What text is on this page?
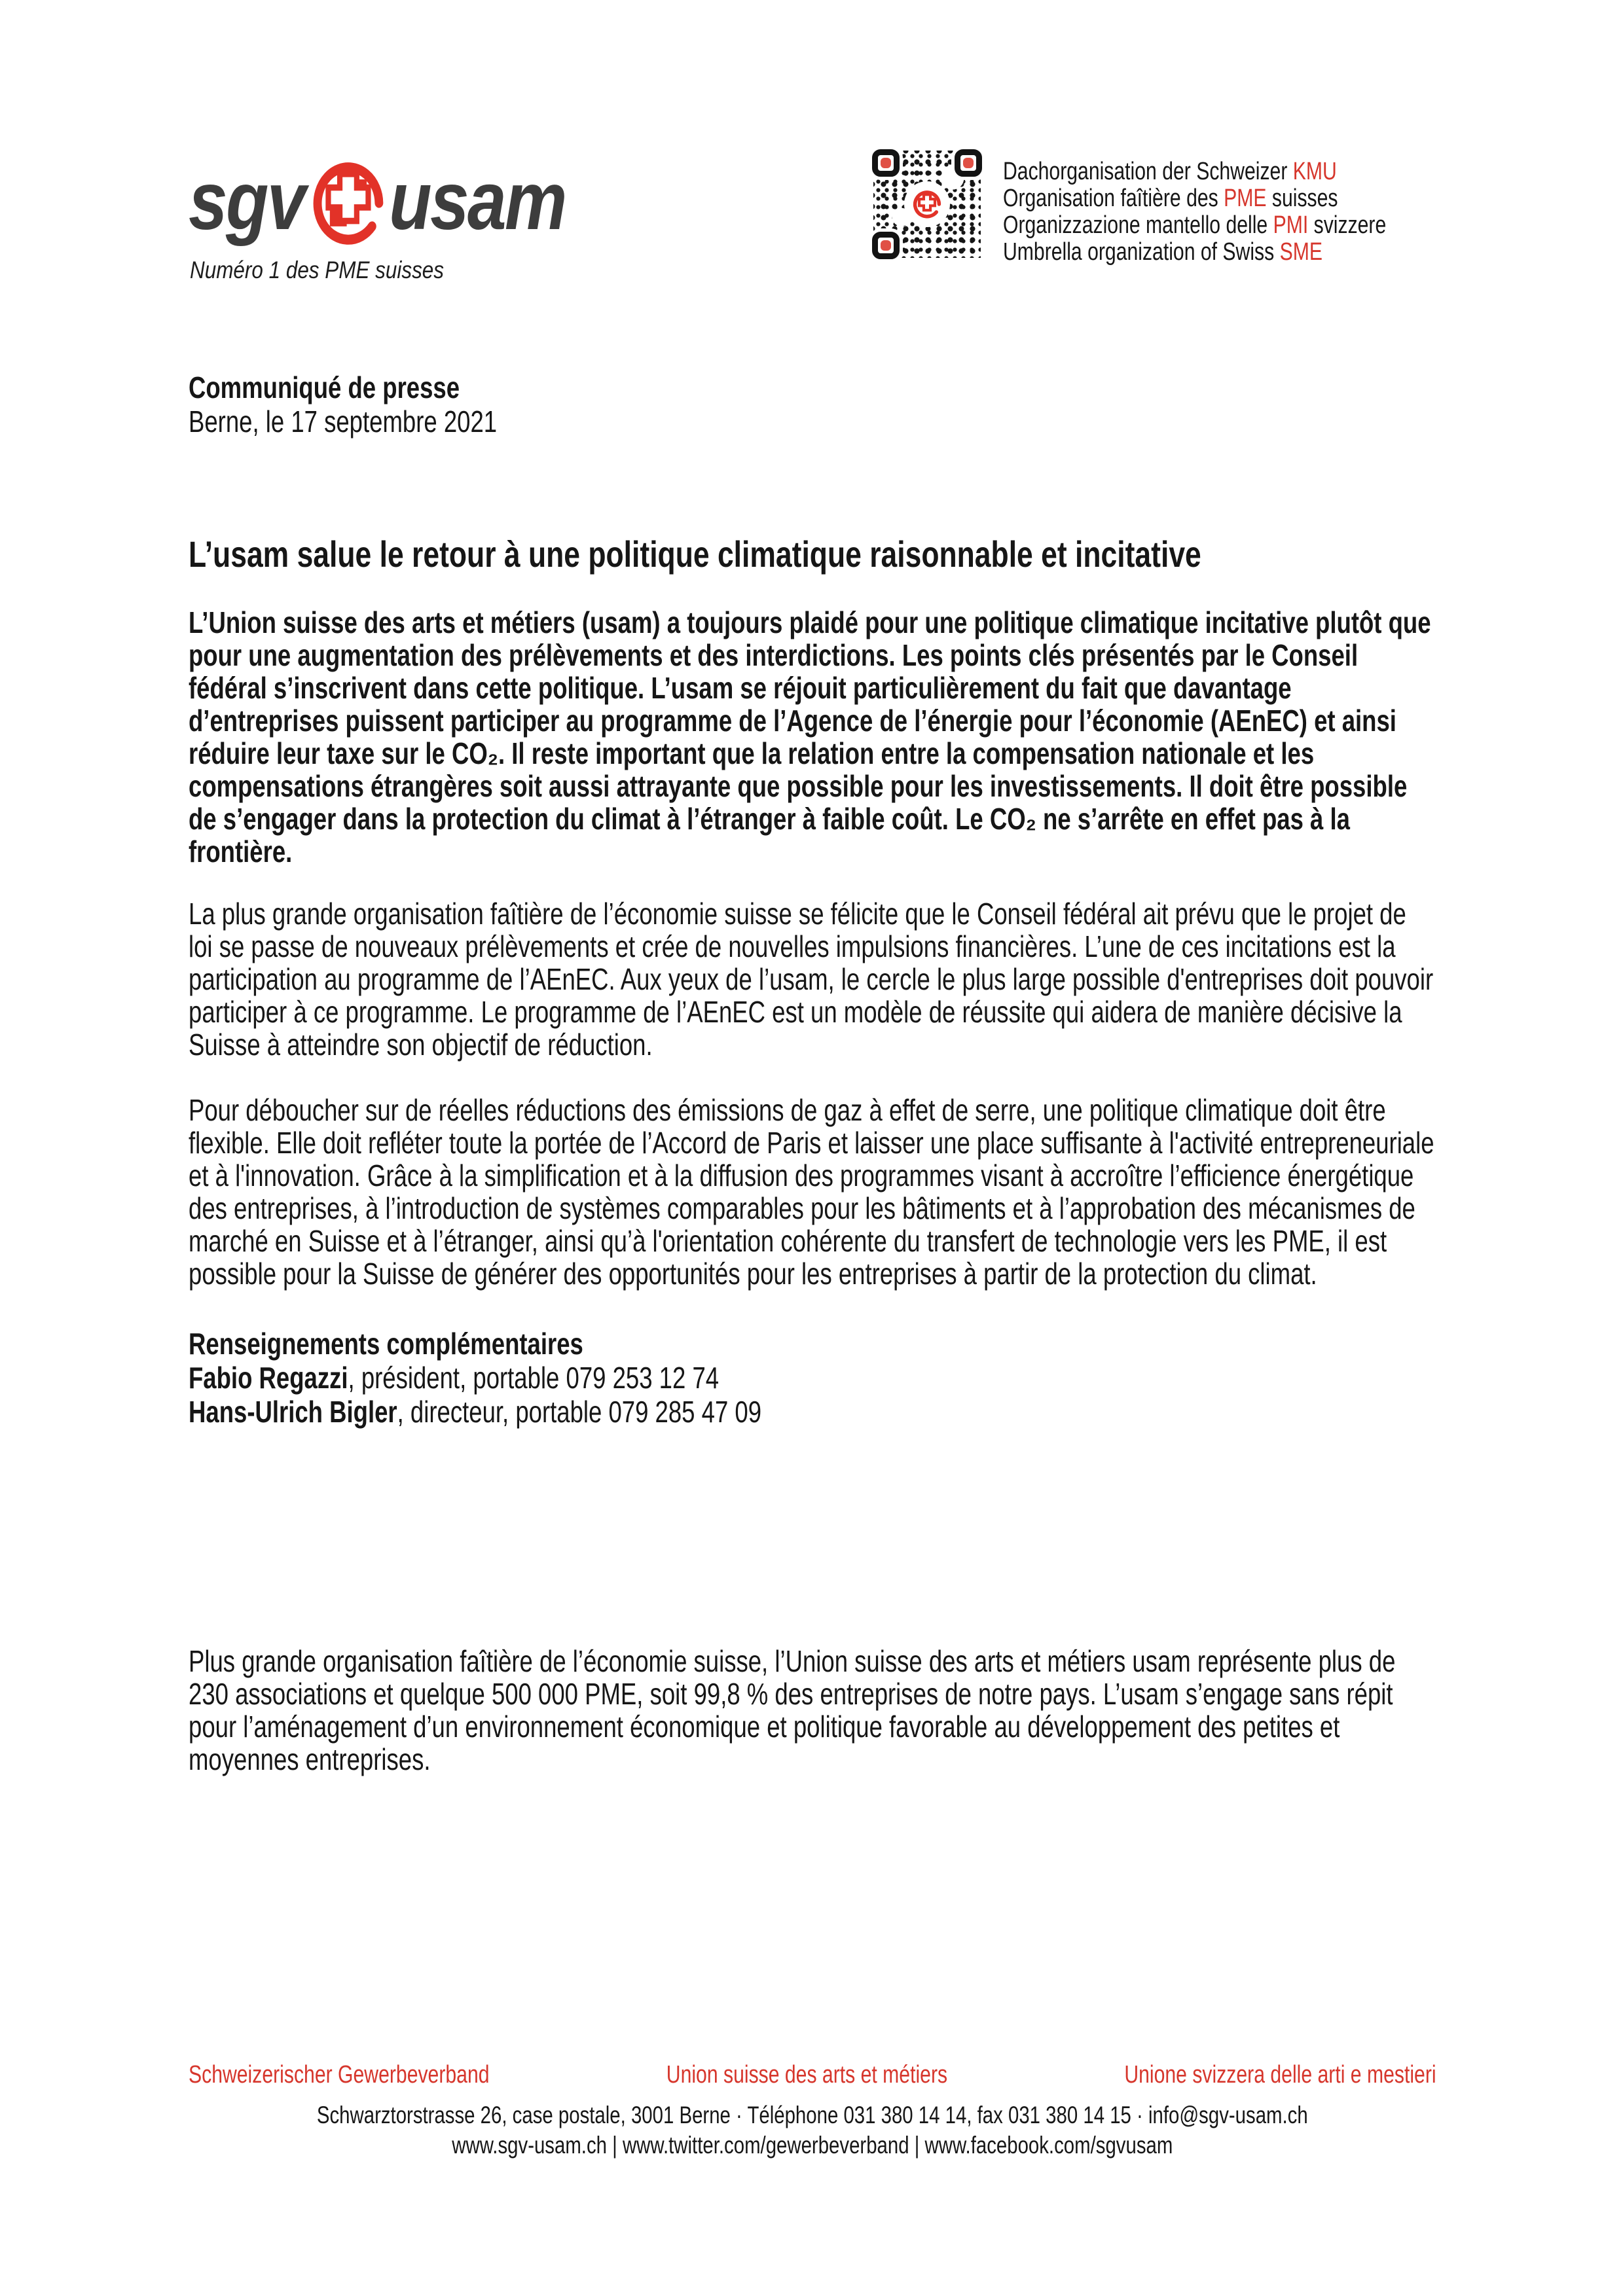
sgv usam
Numéro 1 des PME suisses
Dachorganisation der Schweizer KMU
Organisation faîtière des PME suisses
Organizzazione mantello delle PMI svizzere
Umbrella organization of Swiss SME
Communiqué de presse
Berne, le 17 septembre 2021
L’usam salue le retour à une politique climatique raisonnable et incitative
L’Union suisse des arts et métiers (usam) a toujours plaidé pour une politique climatique incitative plutôt que pour une augmentation des prélèvements et des interdictions. Les points clés présentés par le Conseil fédéral s’inscrivent dans cette politique. L’usam se réjouit particulièrement du fait que davantage d’entreprises puissent participer au programme de l’Agence de l’énergie pour l’économie (AEnEC) et ainsi réduire leur taxe sur le CO₂. Il reste important que la relation entre la compensation nationale et les compensations étrangères soit aussi attrayante que possible pour les investissements. Il doit être possible de s’engager dans la protection du climat à l’étranger à faible coût. Le CO₂ ne s’arrête en effet pas à la frontière.
La plus grande organisation faîtière de l’économie suisse se félicite que le Conseil fédéral ait prévu que le projet de loi se passe de nouveaux prélèvements et crée de nouvelles impulsions financières. L’une de ces incitations est la participation au programme de l’AEnEC. Aux yeux de l’usam, le cercle le plus large possible d'entreprises doit pouvoir participer à ce programme. Le programme de l’AEnEC est un modèle de réussite qui aidera de manière décisive la Suisse à atteindre son objectif de réduction.
Pour déboucher sur de réelles réductions des émissions de gaz à effet de serre, une politique climatique doit être flexible. Elle doit refléter toute la portée de l’Accord de Paris et laisser une place suffisante à l'activité entrepreneuriale et à l'innovation. Grâce à la simplification et à la diffusion des programmes visant à accroître l’efficience énergétique des entreprises, à l’introduction de systèmes comparables pour les bâtiments et à l’approbation des mécanismes de marché en Suisse et à l’étranger, ainsi qu’à l'orientation cohérente du transfert de technologie vers les PME, il est possible pour la Suisse de générer des opportunités pour les entreprises à partir de la protection du climat.
Renseignements complémentaires
Fabio Regazzi, président, portable 079 253 12 74
Hans-Ulrich Bigler, directeur, portable 079 285 47 09
Plus grande organisation faîtière de l’économie suisse, l’Union suisse des arts et métiers usam représente plus de 230 associations et quelque 500 000 PME, soit 99,8 % des entreprises de notre pays. L’usam s’engage sans répit pour l’aménagement d’un environnement économique et politique favorable au développement des petites et moyennes entreprises.
Schweizerischer Gewerbeverband	Union suisse des arts et métiers	Unione svizzera delle arti e mestieri
Schwarztorstrasse 26, case postale, 3001 Berne · Téléphone 031 380 14 14, fax 031 380 14 15 · info@sgv-usam.ch
www.sgv-usam.ch | www.twitter.com/gewerbeverband | www.facebook.com/sgvusam
